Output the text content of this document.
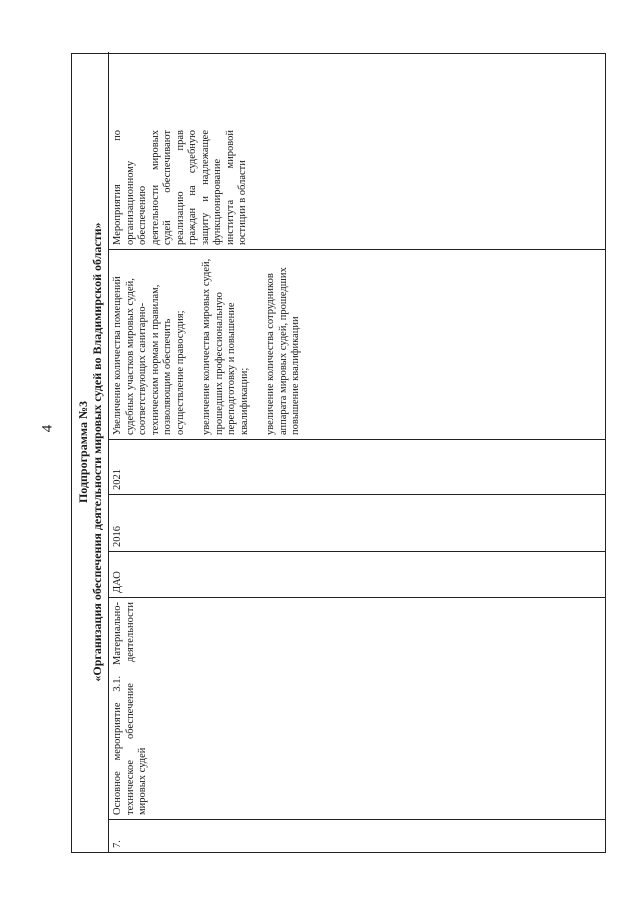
4 Подпрограмма №3 «Организация обеспечения деятельности мировых судей во Владимирской области»
7.
Основное мероприятие 3.1. Материально-техническое обеспечение деятельности мировых судей
ДАО
2016
2021

Увеличение количества помещений судебных участков мировых судей, соответствующих санитарно-техническим нормам и правилам, позволяющим обеспечить осуществление правосудия; увеличение количества мировых судей, прошедших профессиональную переподготовку и повышение квалификации; увеличение количества сотрудников аппарата мировых судей, прошедших повышение квалификации

Мероприятия по организационному обеспечению деятельности мировых судей обеспечивают реализацию прав граждан на судебную защиту и надлежащее функционирование института мировой юстиции в области
